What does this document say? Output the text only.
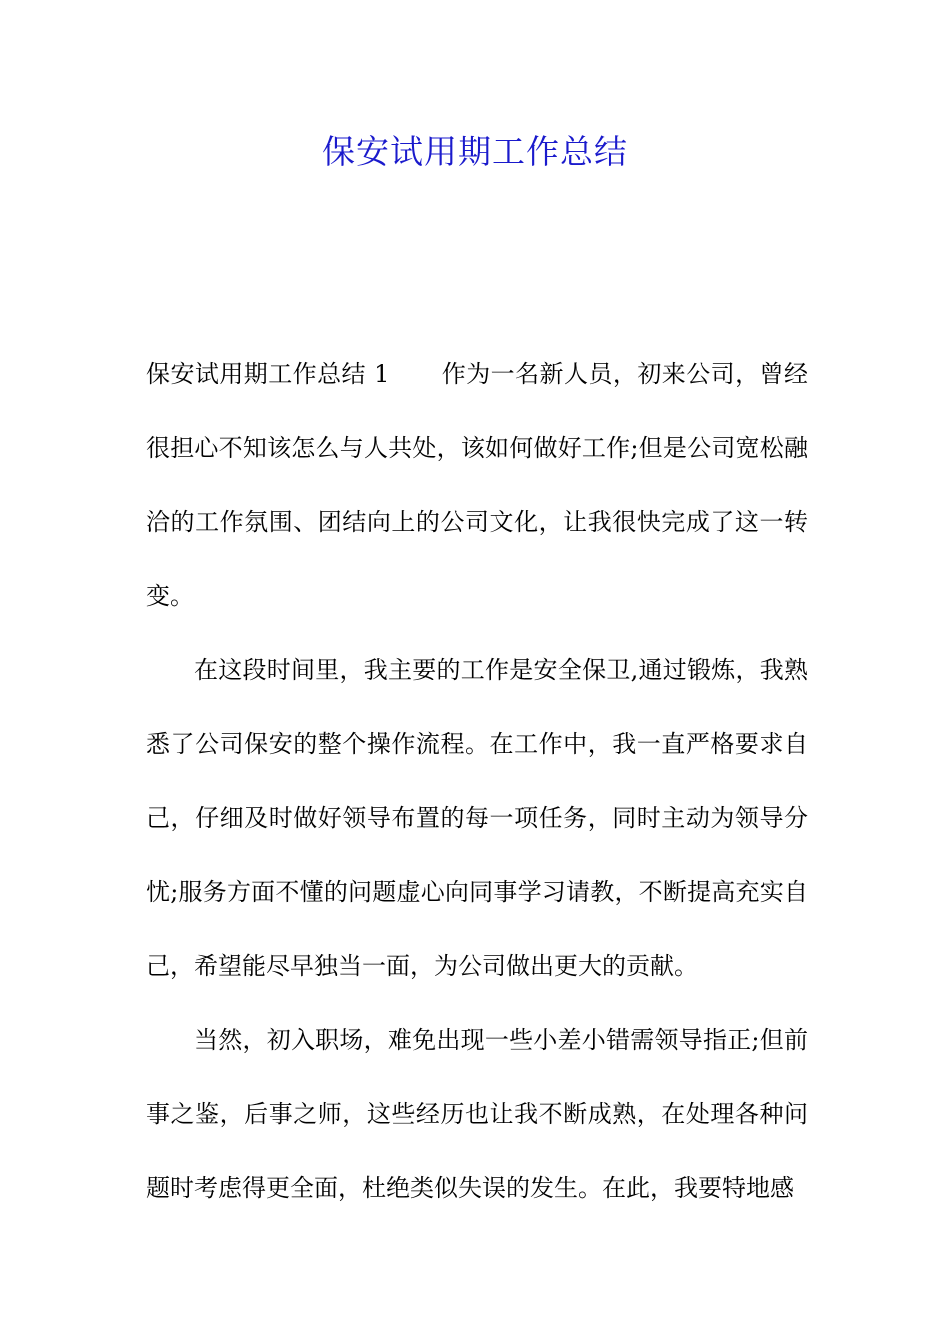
保安试用期工作总结

保安试用期工作总结 1 作为一名新人员，初来公司，曾经很担心不知该怎么与人共处，该如何做好工作;但是公司宽松融洽的工作氛围、团结向上的公司文化，让我很快完成了这一转变。

在这段时间里，我主要的工作是安全保卫,通过锻炼，我熟悉了公司保安的整个操作流程。在工作中，我一直严格要求自己，仔细及时做好领导布置的每一项任务，同时主动为领导分忧;服务方面不懂的问题虚心向同事学习请教，不断提高充实自己，希望能尽早独当一面，为公司做出更大的贡献。

当然，初入职场，难免出现一些小差小错需领导指正;但前事之鉴，后事之师，这些经历也让我不断成熟，在处理各种问题时考虑得更全面，杜绝类似失误的发生。在此，我要特地感
